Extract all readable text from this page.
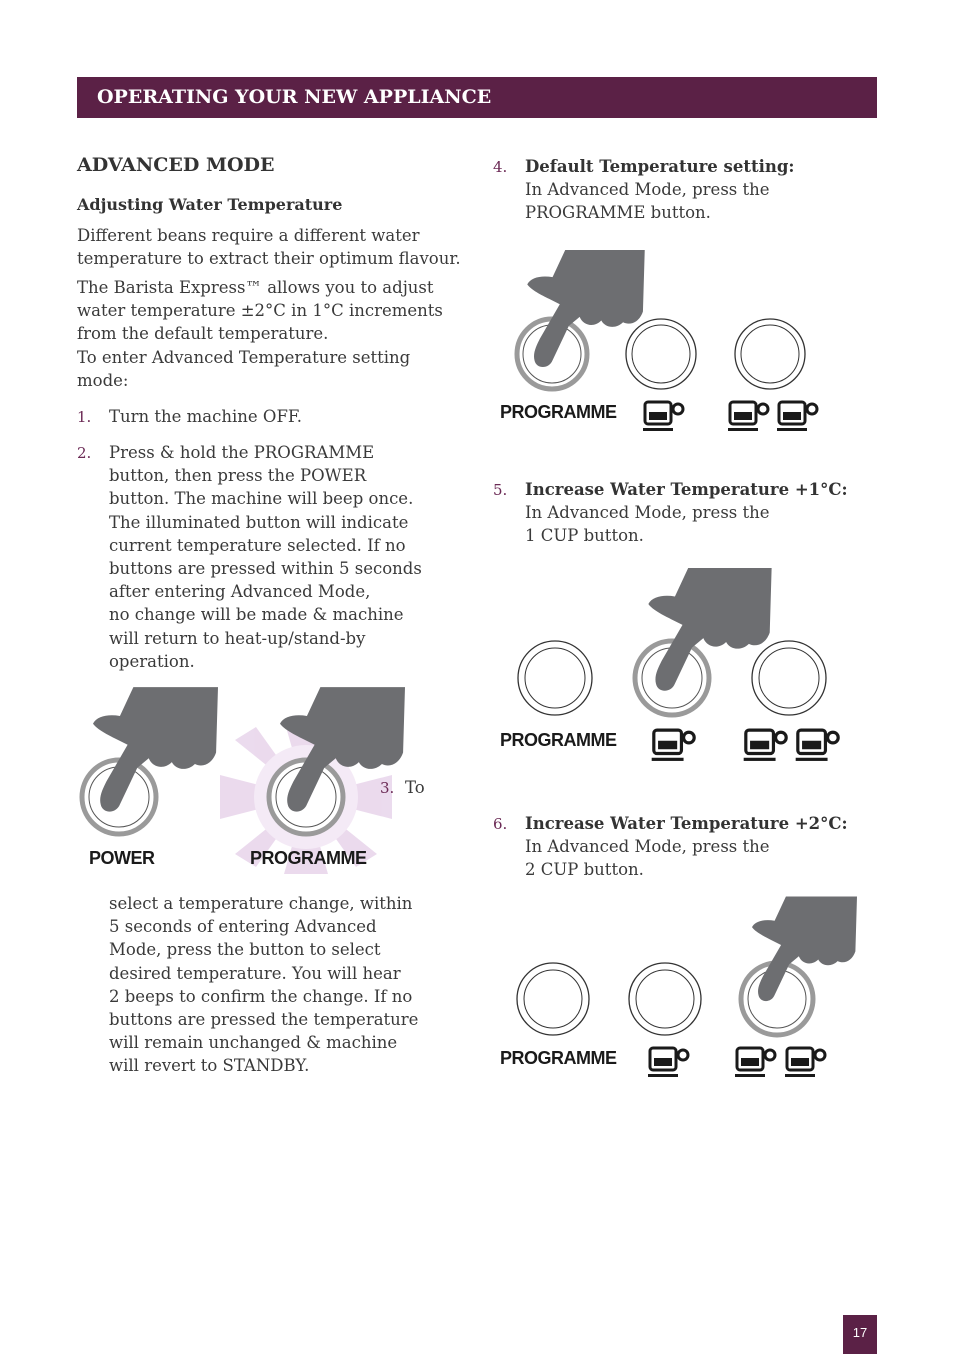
OPERATING YOUR NEW APPLIANCE
ADVANCED MODE
Adjusting Water Temperature
Different beans require a different water
temperature to extract their optimum flavour.
The Barista Express™ allows you to adjust
water temperature ±2°C in 1°C increments
from the default temperature.
To enter Advanced Temperature setting
mode:
1. Turn the machine OFF.
2. Press & hold the PROGRAMME
button, then press the POWER
button. The machine will beep once.
The illuminated button will indicate
current temperature selected. If no
buttons are pressed within 5 seconds
after entering Advanced Mode,
no change will be made & machine
will return to heat-up/stand-by
operation.
POWER	PROGRAMME
3. To
select a temperature change, within
5 seconds of entering Advanced
Mode, press the button to select
desired temperature. You will hear
2 beeps to confirm the change. If no
buttons are pressed the temperature
will remain unchanged & machine
will revert to STANDBY.
4. Default Temperature setting:
In Advanced Mode, press the
PROGRAMME button.
PROGRAMME
5. Increase Water Temperature +1°C:
In Advanced Mode, press the
1 CUP button.
PROGRAMME
6. Increase Water Temperature +2°C:
In Advanced Mode, press the
2 CUP button.
PROGRAMME
17
